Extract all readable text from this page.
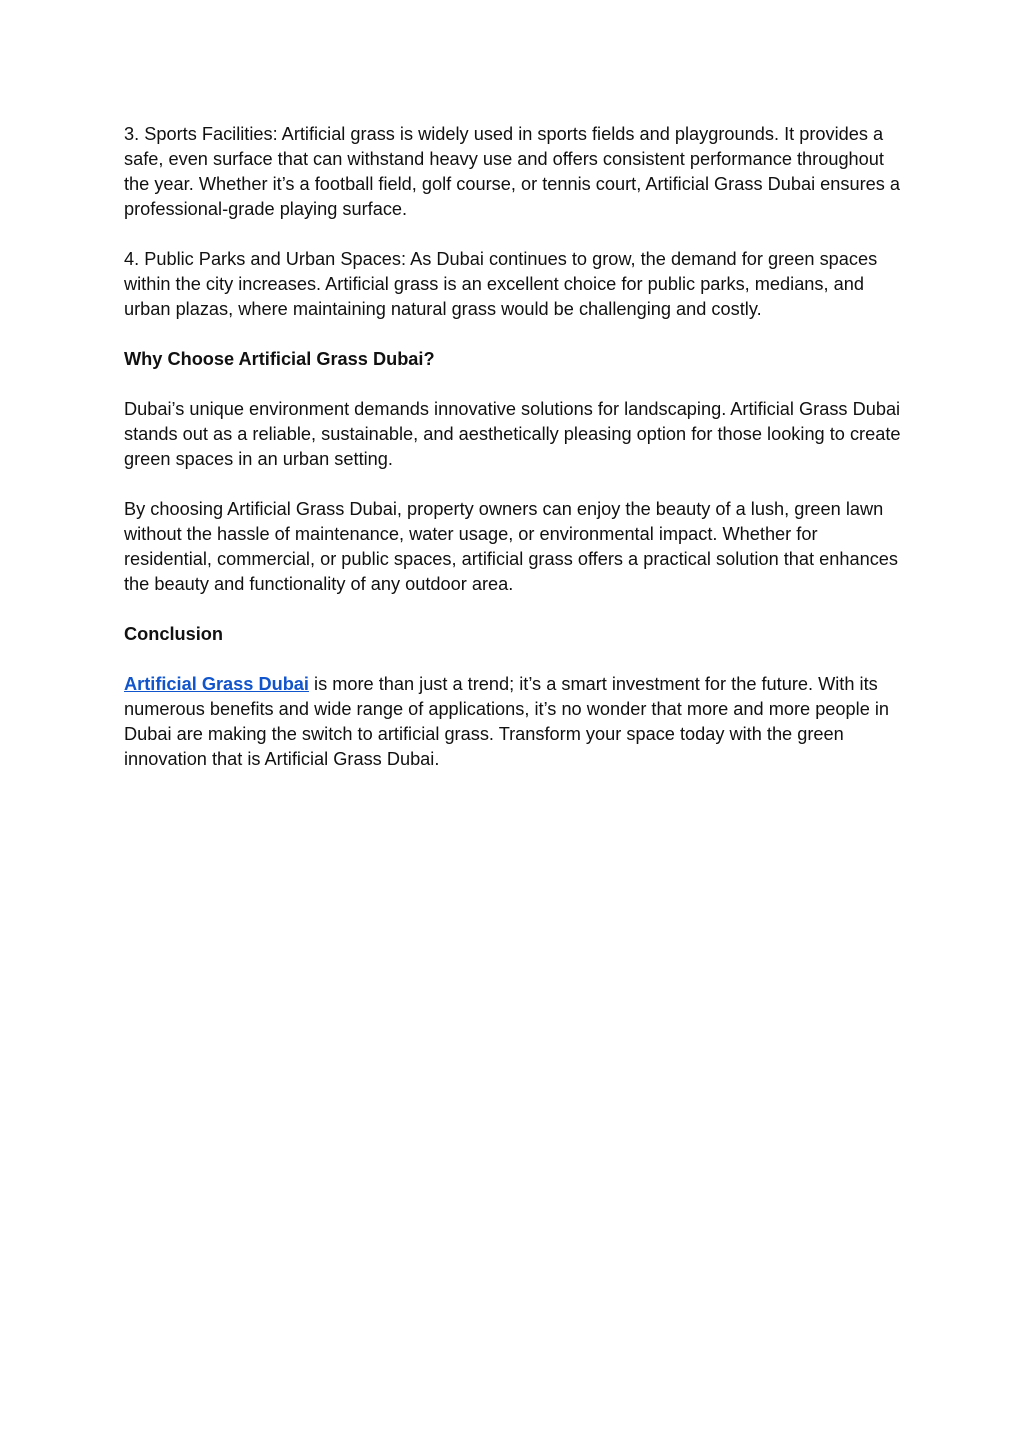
3. Sports Facilities: Artificial grass is widely used in sports fields and playgrounds. It provides a safe, even surface that can withstand heavy use and offers consistent performance throughout the year. Whether it’s a football field, golf course, or tennis court, Artificial Grass Dubai ensures a professional-grade playing surface.

4. Public Parks and Urban Spaces: As Dubai continues to grow, the demand for green spaces within the city increases. Artificial grass is an excellent choice for public parks, medians, and urban plazas, where maintaining natural grass would be challenging and costly.

Why Choose Artificial Grass Dubai?

Dubai’s unique environment demands innovative solutions for landscaping. Artificial Grass Dubai stands out as a reliable, sustainable, and aesthetically pleasing option for those looking to create green spaces in an urban setting.

By choosing Artificial Grass Dubai, property owners can enjoy the beauty of a lush, green lawn without the hassle of maintenance, water usage, or environmental impact. Whether for residential, commercial, or public spaces, artificial grass offers a practical solution that enhances the beauty and functionality of any outdoor area.

Conclusion

Artificial Grass Dubai is more than just a trend; it’s a smart investment for the future. With its numerous benefits and wide range of applications, it’s no wonder that more and more people in Dubai are making the switch to artificial grass. Transform your space today with the green innovation that is Artificial Grass Dubai.
